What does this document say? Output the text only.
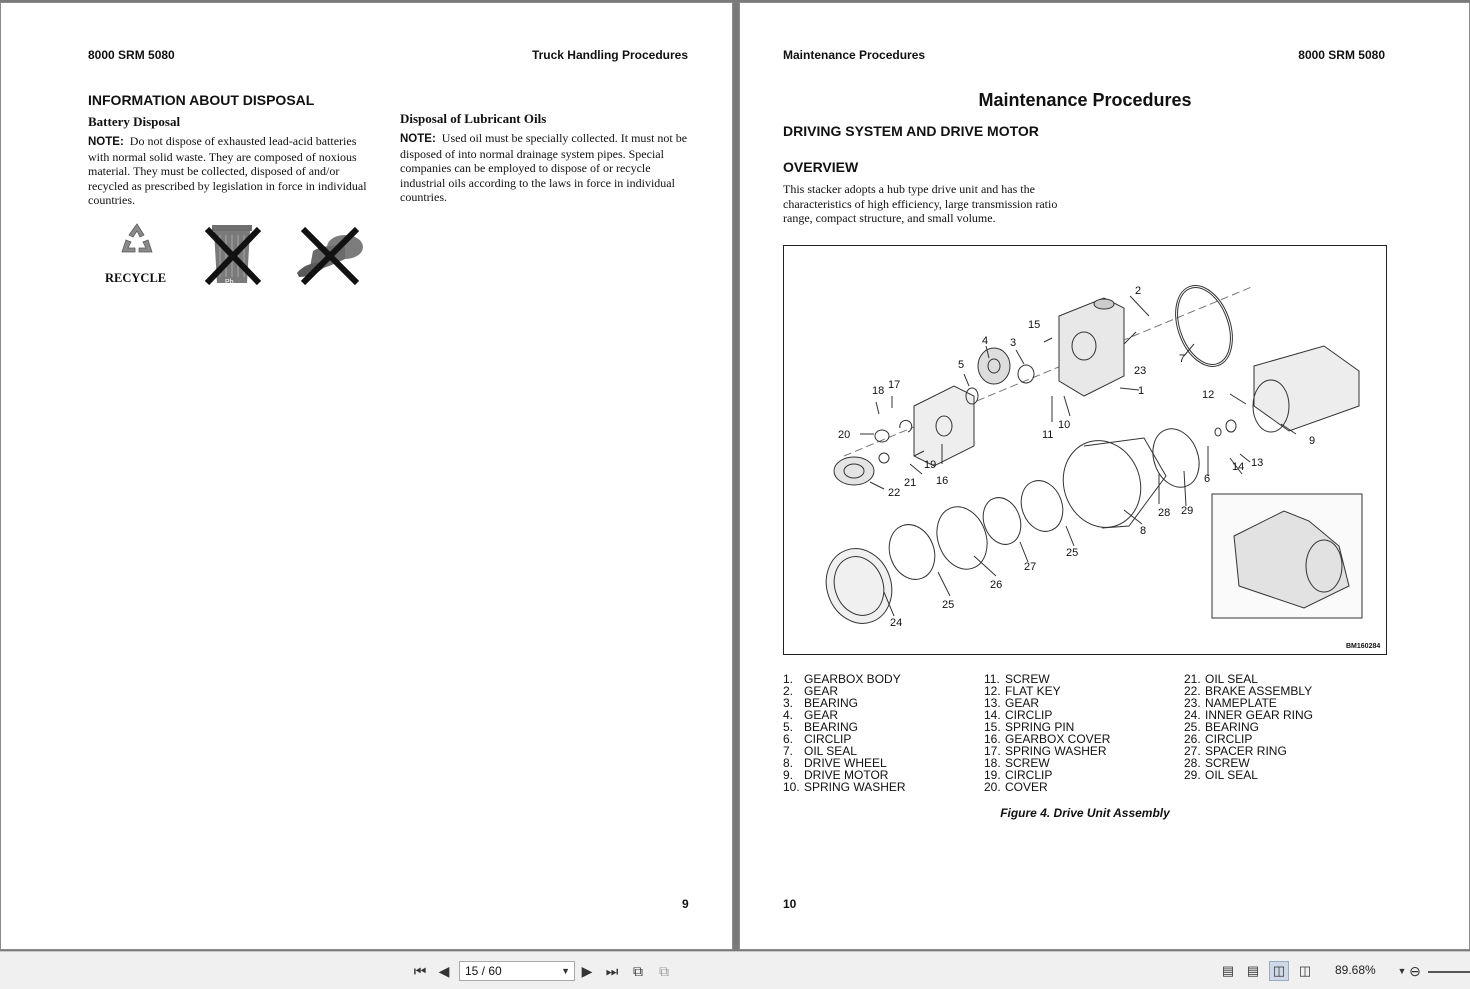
8000 SRM 5080	Truck Handling Procedures
INFORMATION ABOUT DISPOSAL
Battery Disposal
NOTE: Do not dispose of exhausted lead-acid batteries with normal solid waste. They are composed of noxious material. They must be collected, disposed of and/or recycled as prescribed by legislation in force in individual countries.
RECYCLE	Pb
Disposal of Lubricant Oils
NOTE: Used oil must be specially collected. It must not be disposed of into normal drainage system pipes. Special companies can be employed to dispose of or recycle industrial oils according to the laws in force in individual countries.
9
Maintenance Procedures	8000 SRM 5080
Maintenance Procedures
DRIVING SYSTEM AND DRIVE MOTOR
OVERVIEW
This stacker adopts a hub type drive unit and has the characteristics of high efficiency, large transmission ratio range, compact structure, and small volume.
2
15
7
23
1
3
4
5
17
18
20
19
21
22
16
11
10
12
9
13
14
6
28 29
8
25
27
26
25
24
BM160284
1. GEARBOX BODY
2. GEAR
3. BEARING
4. GEAR
5. BEARING
6. CIRCLIP
7. OIL SEAL
8. DRIVE WHEEL
9. DRIVE MOTOR
10. SPRING WASHER
11. SCREW
12. FLAT KEY
13. GEAR
14. CIRCLIP
15. SPRING PIN
16. GEARBOX COVER
17. SPRING WASHER
18. SCREW
19. CIRCLIP
20. COVER
21. OIL SEAL
22. BRAKE ASSEMBLY
23. NAMEPLATE
24. INNER GEAR RING
25. BEARING
26. CIRCLIP
27. SPACER RING
28. SCREW
29. OIL SEAL
Figure 4. Drive Unit Assembly
10
⏮ ◀	15 / 60	▼ ▶ ⏭	⧉	⧉	▤ ▤ ◫ ◫	89.68%	▼ ⊖
